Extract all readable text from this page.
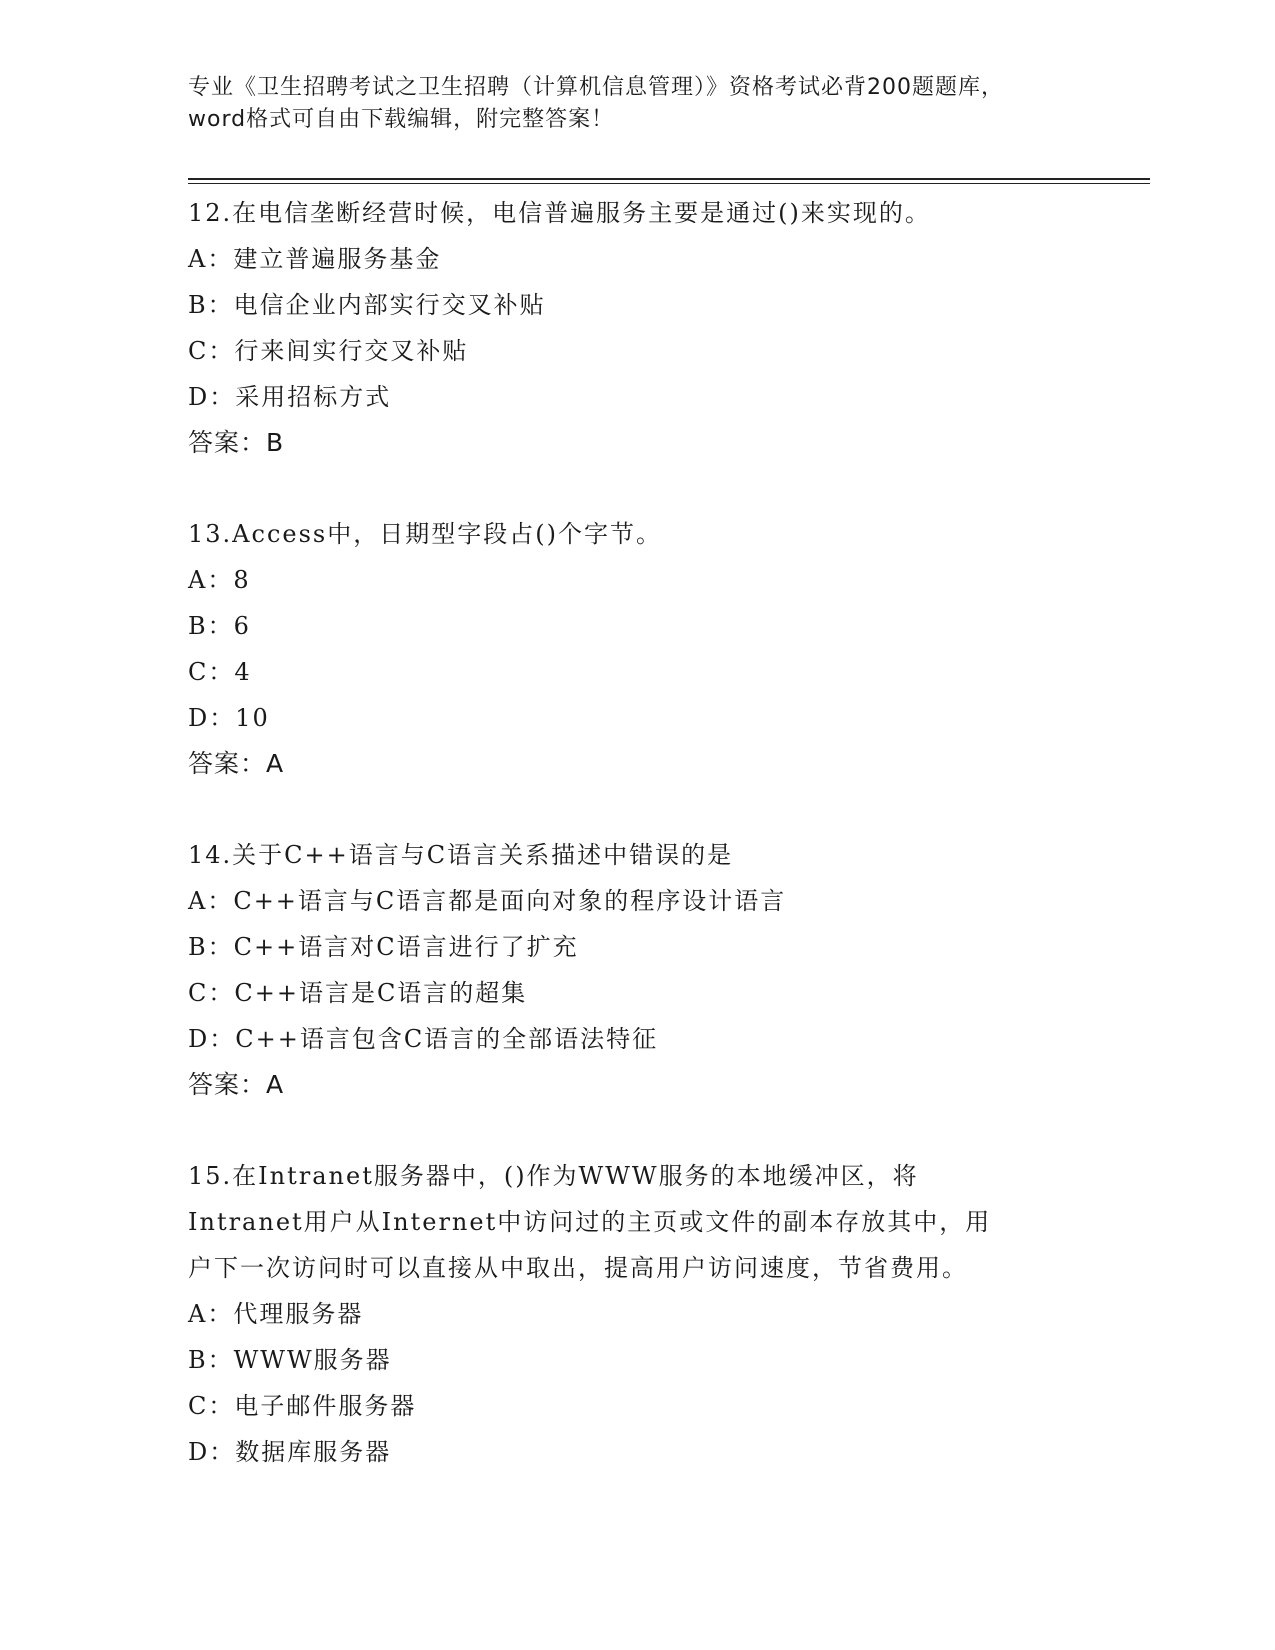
专业《卫生招聘考试之卫生招聘（计算机信息管理）》资格考试必背200题题库，
word格式可自由下载编辑，附完整答案！
12.在电信垄断经营时候，电信普遍服务主要是通过()来实现的。
A：建立普遍服务基金
B：电信企业内部实行交叉补贴
C：行来间实行交叉补贴
D：采用招标方式
答案：B
13.Access中，日期型字段占()个字节。
A：8
B：6
C：4
D：10
答案：A
14.关于C++语言与C语言关系描述中错误的是
A：C++语言与C语言都是面向对象的程序设计语言
B：C++语言对C语言进行了扩充
C：C++语言是C语言的超集
D：C++语言包含C语言的全部语法特征
答案：A
15.在Intranet服务器中，()作为WWW服务的本地缓冲区，将
Intranet用户从Internet中访问过的主页或文件的副本存放其中，用
户下一次访问时可以直接从中取出，提高用户访问速度，节省费用。
A：代理服务器
B：WWW服务器
C：电子邮件服务器
D：数据库服务器
